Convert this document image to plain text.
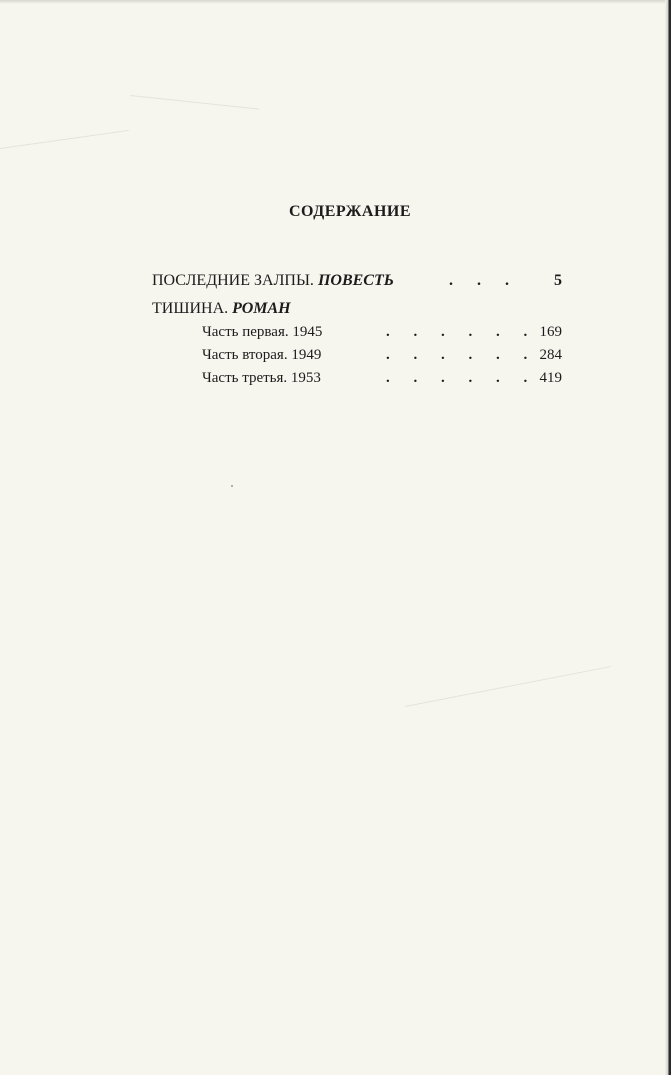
СОДЕРЖАНИЕ
ПОСЛЕДНИЕ ЗАЛПЫ. ПОВЕСТЬ	. . . 5
ТИШИНА. РОМАН
Часть первая. 1945	. . . . . . 169
Часть вторая. 1949	. . . . . . 284
Часть третья. 1953	. . . . . . 419
